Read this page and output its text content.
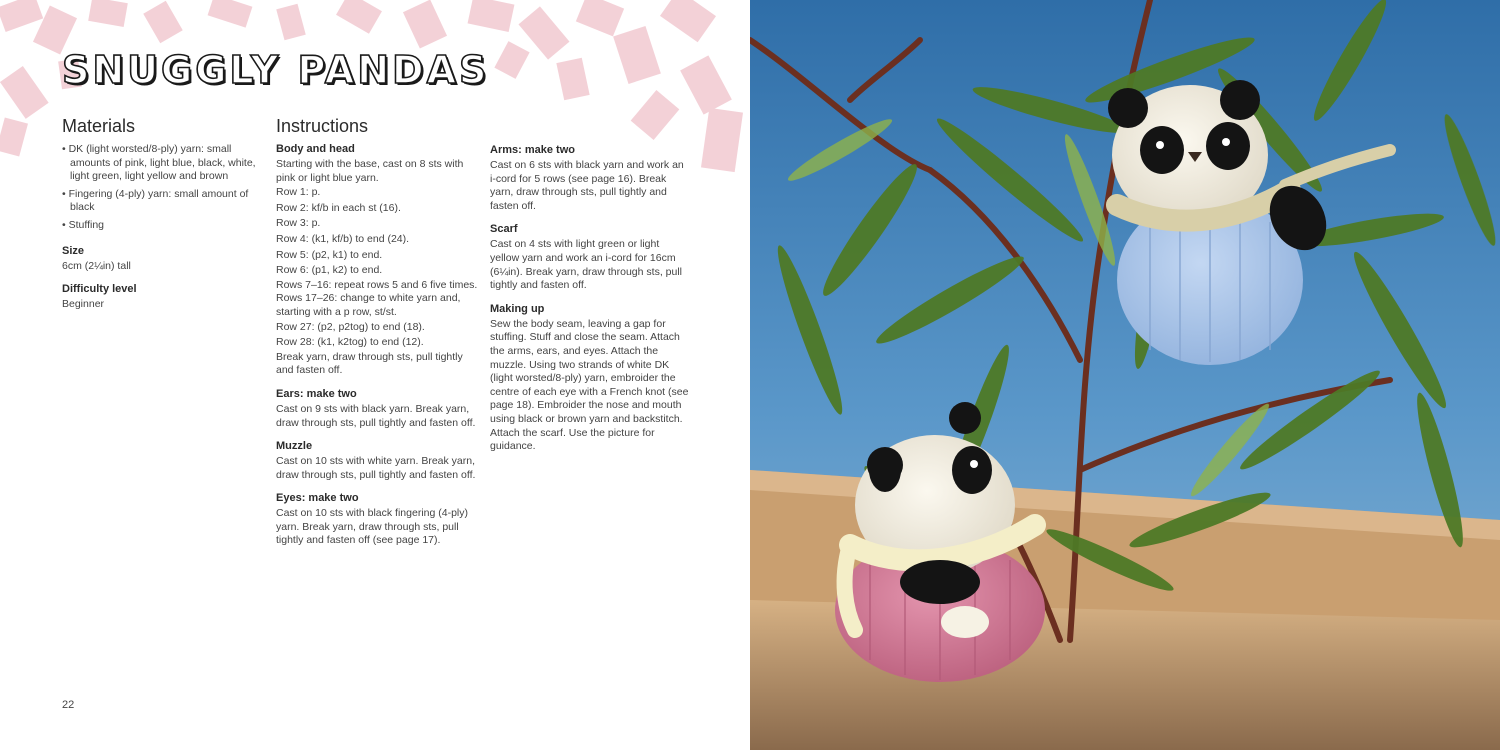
SNUGGLY PANDAS
Materials
• DK (light worsted/8-ply) yarn: small amounts of pink, light blue, black, white, light green, light yellow and brown
• Fingering (4-ply) yarn: small amount of black
• Stuffing
Size

6cm (2¼in) tall

Difficulty level

Beginner

Instructions
Body and head

Starting with the base, cast on 8 sts with pink or light blue yarn.

Row 1: p.
Row 2: kf/b in each st (16).
Row 3: p.
Row 4: (k1, kf/b) to end (24).
Row 5: (p2, k1) to end.
Row 6: (p1, k2) to end.
Rows 7–16: repeat rows 5 and 6 five times.
Rows 17–26: change to white yarn and, starting with a p row, st/st.
Row 27: (p2, p2tog) to end (18).
Row 28: (k1, k2tog) to end (12).
Break yarn, draw through sts, pull tightly and fasten off.
Ears: make two

Cast on 9 sts with black yarn. Break yarn, draw through sts, pull tightly and fasten off.

Muzzle

Cast on 10 sts with white yarn. Break yarn, draw through sts, pull tightly and fasten off.

Eyes: make two

Cast on 10 sts with black fingering (4-ply) yarn. Break yarn, draw through sts, pull tightly and fasten off (see page 17).

Arms: make two

Cast on 6 sts with black yarn and work an i-cord for 5 rows (see page 16). Break yarn, draw through sts, pull tightly and fasten off.

Scarf

Cast on 4 sts with light green or light yellow yarn and work an i-cord for 16cm (6¼in). Break yarn, draw through sts, pull tightly and fasten off.

Making up

Sew the body seam, leaving a gap for stuffing. Stuff and close the seam. Attach the arms, ears, and eyes. Attach the muzzle. Using two strands of white DK (light worsted/8-ply) yarn, embroider the centre of each eye with a French knot (see page 18). Embroider the nose and mouth using black or brown yarn and backstitch. Attach the scarf. Use the picture for guidance.

22
